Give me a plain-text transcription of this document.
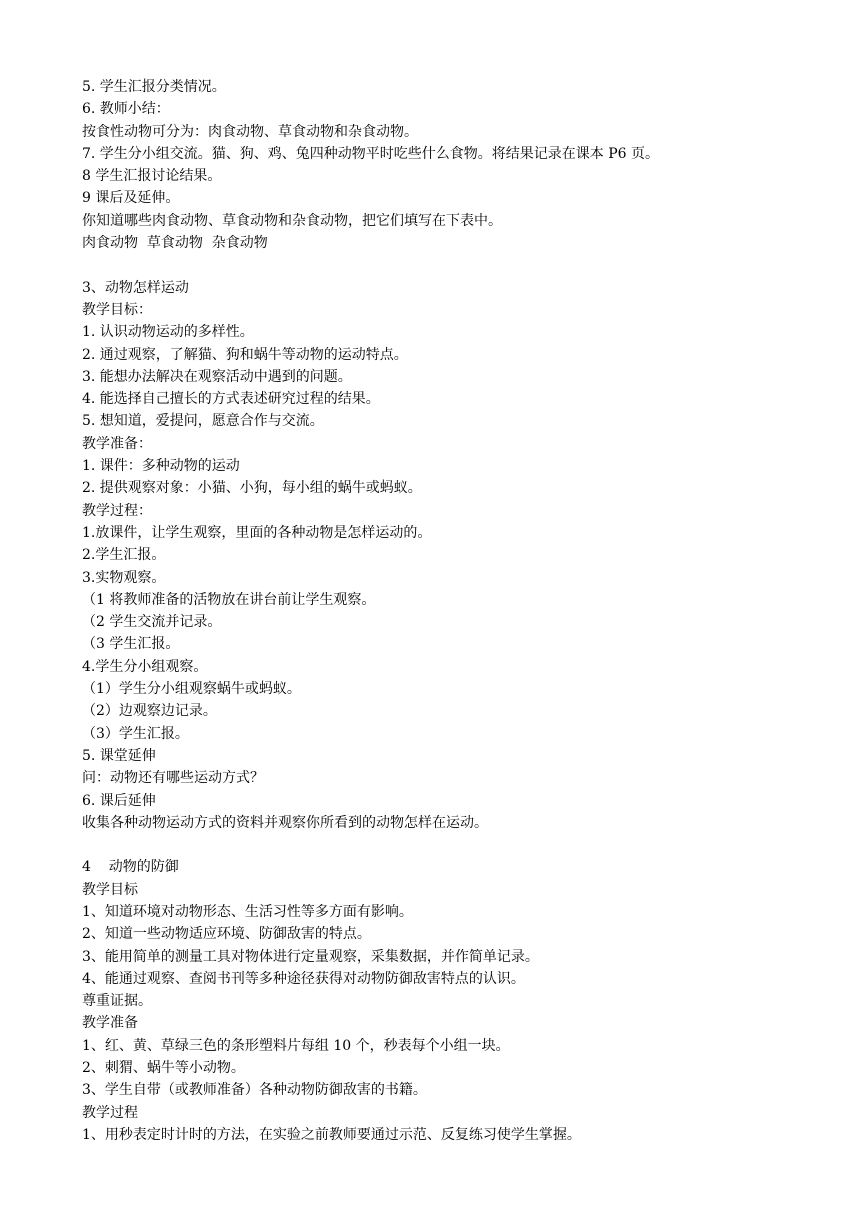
5. 学生汇报分类情况。
6. 教师小结：
按食性动物可分为：肉食动物、草食动物和杂食动物。
7. 学生分小组交流。猫、狗、鸡、兔四种动物平时吃些什么食物。将结果记录在课本 P6 页。
8 学生汇报讨论结果。
9 课后及延伸。
你知道哪些肉食动物、草食动物和杂食动物，把它们填写在下表中。
肉食动物  草食动物  杂食动物
3、动物怎样运动
教学目标：
1. 认识动物运动的多样性。
2. 通过观察，了解猫、狗和蜗牛等动物的运动特点。
3. 能想办法解决在观察活动中遇到的问题。
4. 能选择自己擅长的方式表述研究过程的结果。
5. 想知道，爱提问，愿意合作与交流。
教学准备：
1. 课件：多种动物的运动
2. 提供观察对象：小猫、小狗，每小组的蜗牛或蚂蚁。
教学过程：
1.放课件，让学生观察，里面的各种动物是怎样运动的。
2.学生汇报。
3.实物观察。
（1 将教师准备的活物放在讲台前让学生观察。
（2 学生交流并记录。
（3 学生汇报。
4.学生分小组观察。
（1）学生分小组观察蜗牛或蚂蚁。
（2）边观察边记录。
（3）学生汇报。
5. 课堂延伸
问：动物还有哪些运动方式？
6. 课后延伸
收集各种动物运动方式的资料并观察你所看到的动物怎样在运动。
4    动物的防御
教学目标
1、知道环境对动物形态、生活习性等多方面有影响。
2、知道一些动物适应环境、防御敌害的特点。
3、能用简单的测量工具对物体进行定量观察，采集数据，并作简单记录。
4、能通过观察、查阅书刊等多种途径获得对动物防御敌害特点的认识。
尊重证据。
教学准备
1、红、黄、草绿三色的条形塑料片每组 10 个，秒表每个小组一块。
2、刺猬、蜗牛等小动物。
3、学生自带（或教师准备）各种动物防御敌害的书籍。
教学过程
1、用秒表定时计时的方法，在实验之前教师要通过示范、反复练习使学生掌握。
